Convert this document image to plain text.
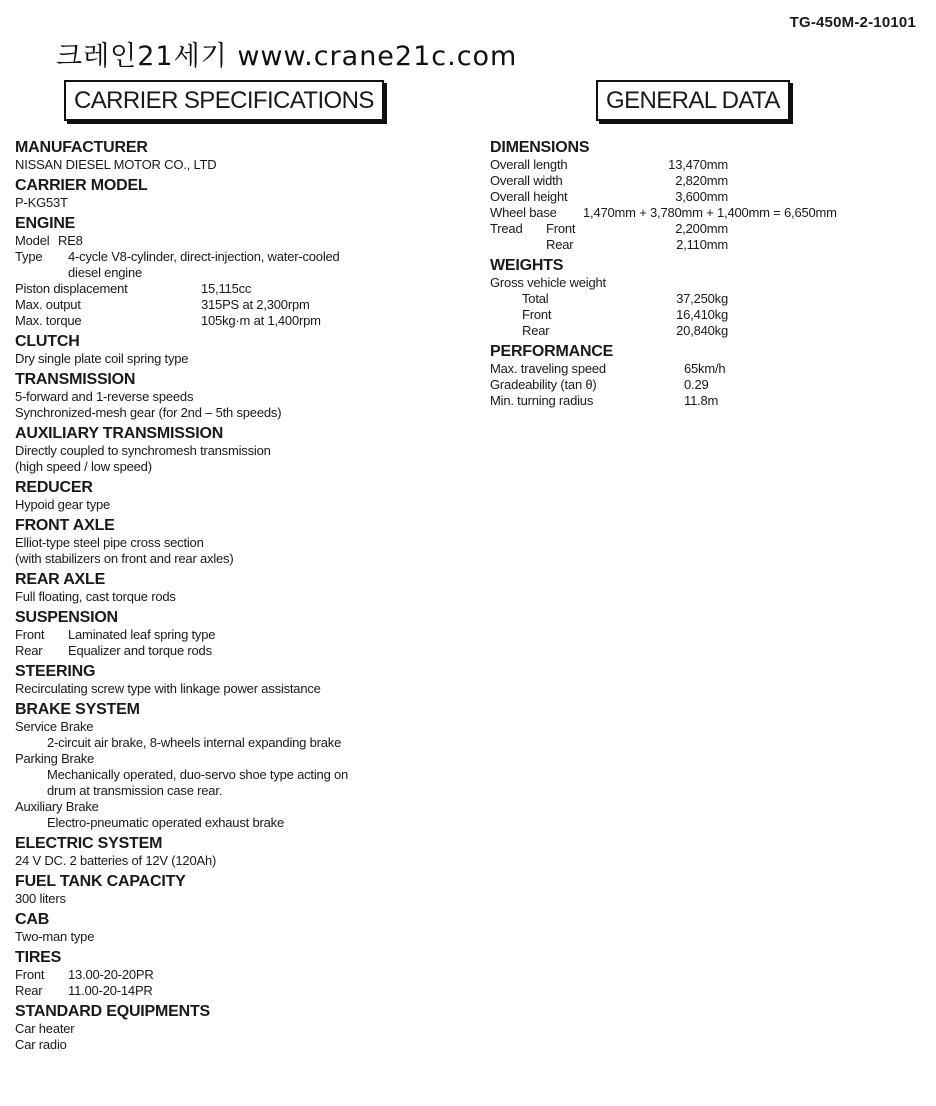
TG-450M-2-10101
크레인21세기 www.crane21c.com
CARRIER SPECIFICATIONS	GENERAL DATA
MANUFACTURER
NISSAN DIESEL MOTOR CO., LTD
CARRIER MODEL
P-KG53T
ENGINE
Model RE8
Type	4-cycle V8-cylinder, direct-injection, water-cooled
diesel engine
Piston displacement	15,115cc
Max. output	315PS at 2,300rpm
Max. torque	105kg·m at 1,400rpm
CLUTCH
Dry single plate coil spring type
TRANSMISSION
5-forward and 1-reverse speeds
Synchronized-mesh gear (for 2nd – 5th speeds)
AUXILIARY TRANSMISSION
Directly coupled to synchromesh transmission
(high speed / low speed)
REDUCER
Hypoid gear type
FRONT AXLE
Elliot-type steel pipe cross section
(with stabilizers on front and rear axles)
REAR AXLE
Full floating, cast torque rods
SUSPENSION
Front	Laminated leaf spring type
Rear	Equalizer and torque rods
STEERING
Recirculating screw type with linkage power assistance
BRAKE SYSTEM
Service Brake
2-circuit air brake, 8-wheels internal expanding brake
Parking Brake
Mechanically operated, duo-servo shoe type acting on
drum at transmission case rear.
Auxiliary Brake
Electro-pneumatic operated exhaust brake
ELECTRIC SYSTEM
24 V DC. 2 batteries of 12V (120Ah)
FUEL TANK CAPACITY
300 liters
CAB
Two-man type
TIRES
Front	13.00-20-20PR
Rear	11.00-20-14PR
STANDARD EQUIPMENTS
Car heater
Car radio
DIMENSIONS
Overall length	13,470mm
Overall width	2,820mm
Overall height	3,600mm
Wheel base	1,470mm + 3,780mm + 1,400mm = 6,650mm
Tread	Front	2,200mm
Rear	2,110mm
WEIGHTS
Gross vehicle weight
Total	37,250kg
Front	16,410kg
Rear	20,840kg
PERFORMANCE
Max. traveling speed	65km/h
Gradeability (tan θ)	0.29
Min. turning radius	11.8m
